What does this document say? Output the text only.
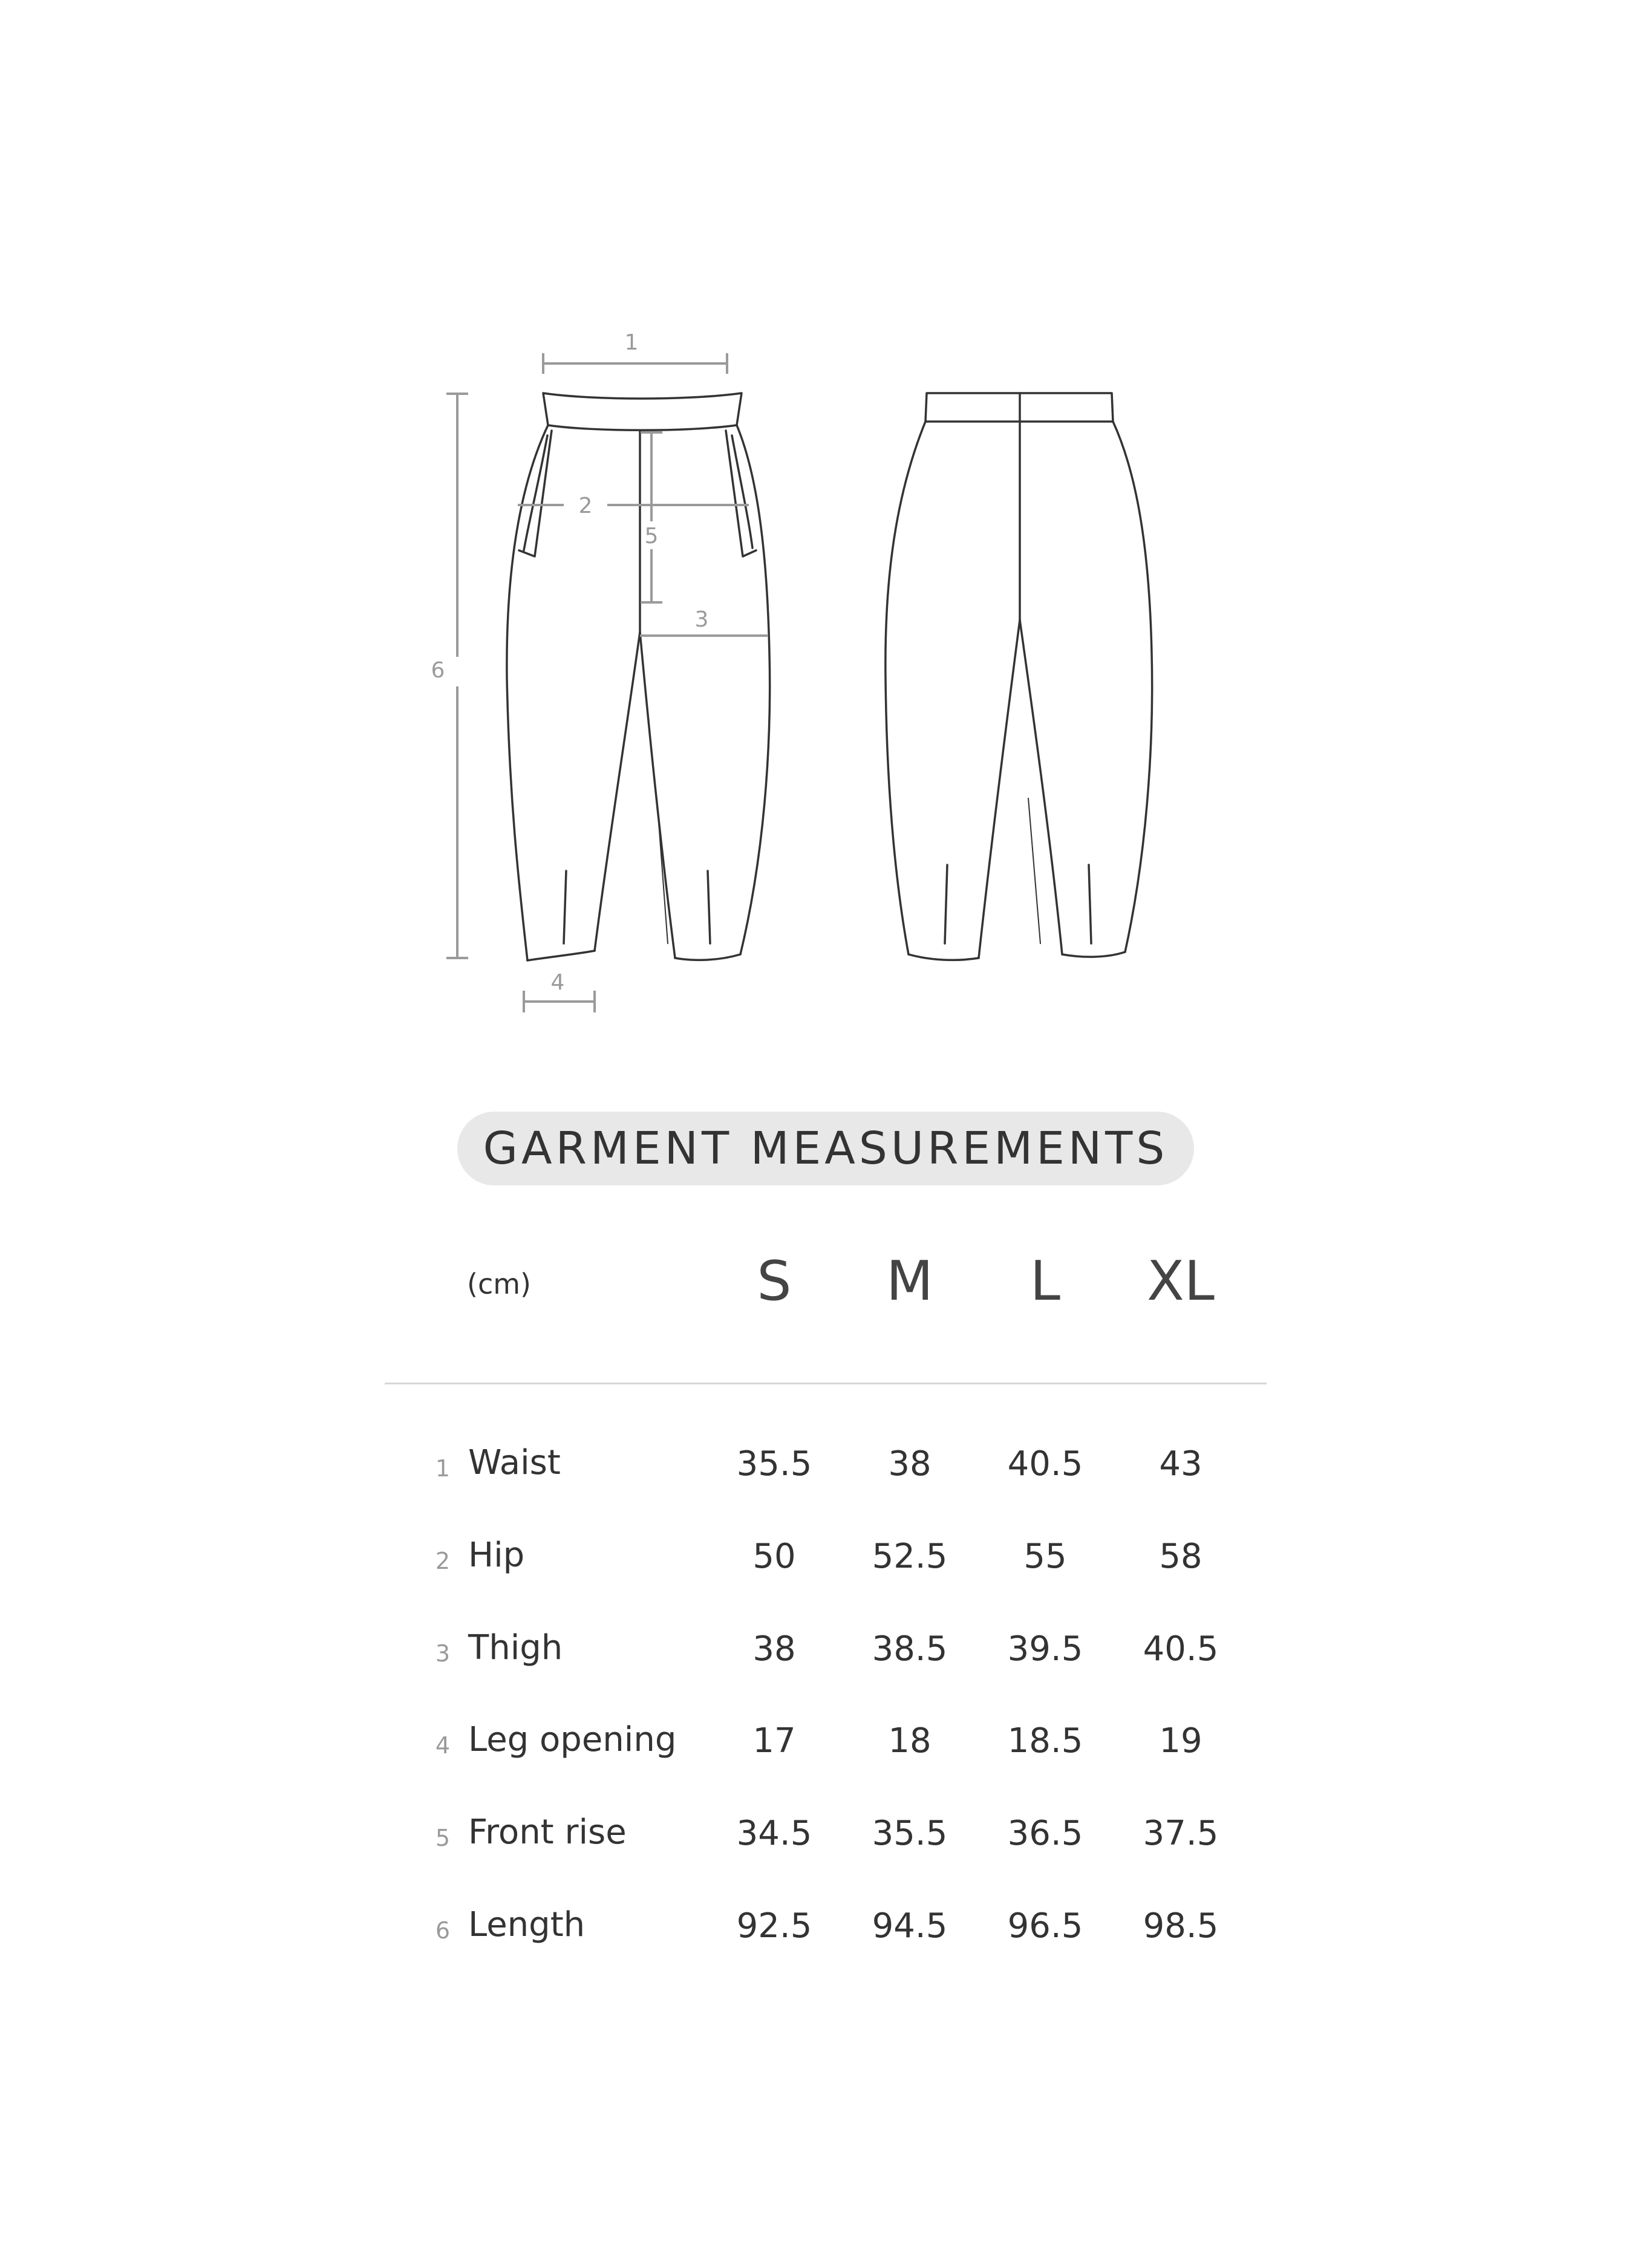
1
2
5
3
6
4
GARMENT MEASUREMENTS
(cm)	S	M	L	XL
1 Waist	35.5	38	40.5	43
2 Hip	50	52.5	55	58
3 Thigh	38	38.5	39.5	40.5
4 Leg opening	17	18	18.5	19
5 Front rise	34.5	35.5	36.5	37.5
6 Length	92.5	94.5	96.5	98.5
